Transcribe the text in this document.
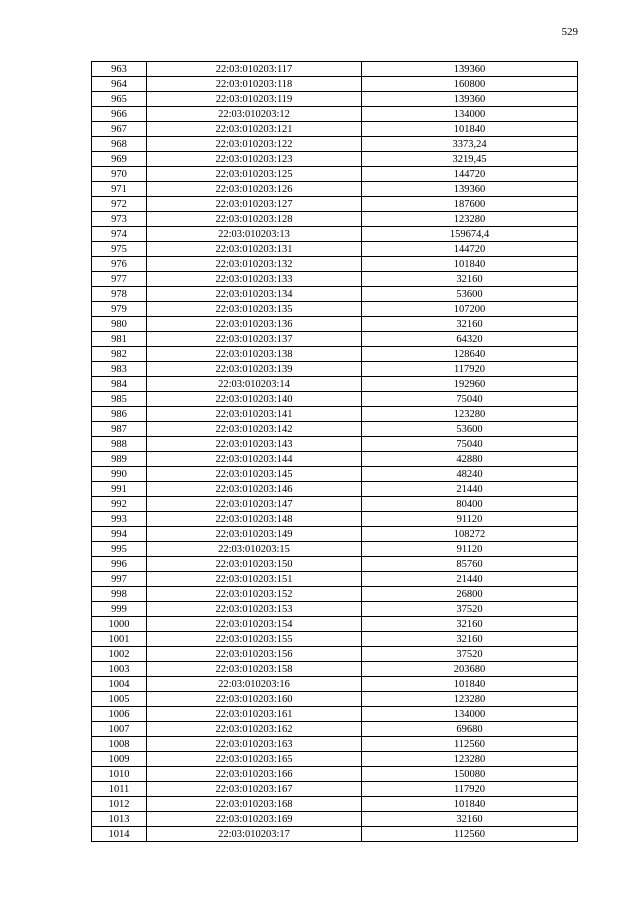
529
963	22:03:010203:117	139360
964	22:03:010203:118	160800
965	22:03:010203:119	139360
966	22:03:010203:12	134000
967	22:03:010203:121	101840
968	22:03:010203:122	3373,24
969	22:03:010203:123	3219,45
970	22:03:010203:125	144720
971	22:03:010203:126	139360
972	22:03:010203:127	187600
973	22:03:010203:128	123280
974	22:03:010203:13	159674,4
975	22:03:010203:131	144720
976	22:03:010203:132	101840
977	22:03:010203:133	32160
978	22:03:010203:134	53600
979	22:03:010203:135	107200
980	22:03:010203:136	32160
981	22:03:010203:137	64320
982	22:03:010203:138	128640
983	22:03:010203:139	117920
984	22:03:010203:14	192960
985	22:03:010203:140	75040
986	22:03:010203:141	123280
987	22:03:010203:142	53600
988	22:03:010203:143	75040
989	22:03:010203:144	42880
990	22:03:010203:145	48240
991	22:03:010203:146	21440
992	22:03:010203:147	80400
993	22:03:010203:148	91120
994	22:03:010203:149	108272
995	22:03:010203:15	91120
996	22:03:010203:150	85760
997	22:03:010203:151	21440
998	22:03:010203:152	26800
999	22:03:010203:153	37520
1000	22:03:010203:154	32160
1001	22:03:010203:155	32160
1002	22:03:010203:156	37520
1003	22:03:010203:158	203680
1004	22:03:010203:16	101840
1005	22:03:010203:160	123280
1006	22:03:010203:161	134000
1007	22:03:010203:162	69680
1008	22:03:010203:163	112560
1009	22:03:010203:165	123280
1010	22:03:010203:166	150080
1011	22:03:010203:167	117920
1012	22:03:010203:168	101840
1013	22:03:010203:169	32160
1014	22:03:010203:17	112560
